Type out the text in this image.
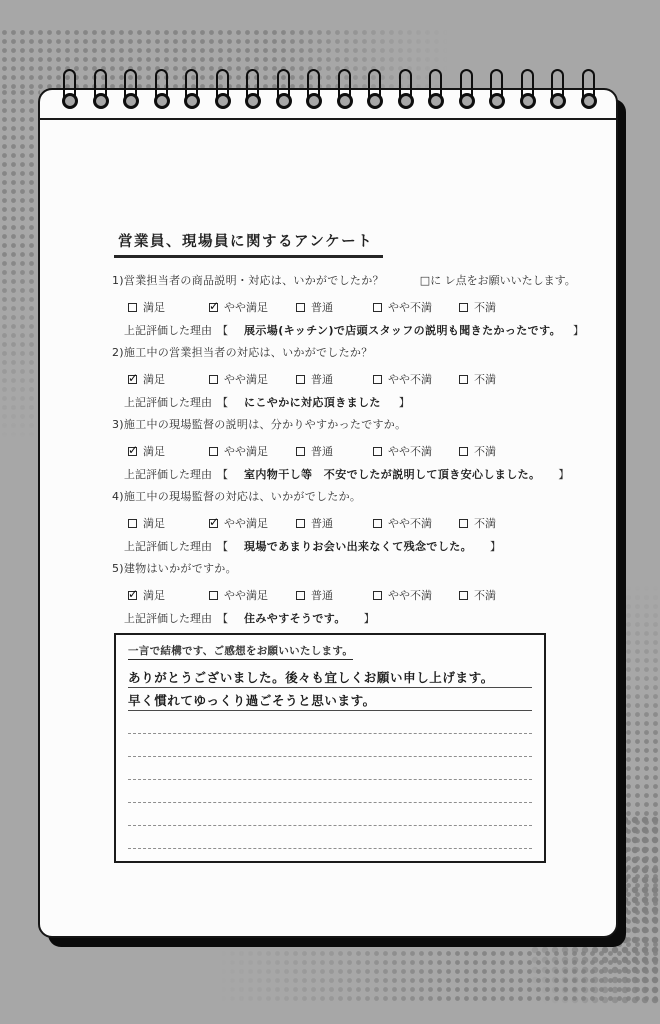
営業員、現場員に関するアンケート
1)営業担当者の商品説明・対応は、いかがでしたか？	□に レ点をお願いいたします。
満足	✓ やや満足	普通	やや不満	不満
上記評価した理由 【 展示場(キッチン)で店頭スタッフの説明も聞きたかったです。 】
2)施工中の営業担当者の対応は、いかがでしたか？
✓ 満足	やや満足	普通	やや不満	不満
上記評価した理由 【 にこやかに対応頂きました 】
3)施工中の現場監督の説明は、分かりやすかったですか。
✓ 満足	やや満足	普通	やや不満	不満
上記評価した理由 【 室内物干し等　不安でしたが説明して頂き安心しました。 】
4)施工中の現場監督の対応は、いかがでしたか。
満足	✓ やや満足	普通	やや不満	不満
上記評価した理由 【 現場であまりお会い出来なくて残念でした。 】
5)建物はいかがですか。
✓ 満足	やや満足	普通	やや不満	不満
上記評価した理由 【 住みやすそうです。 】
一言で結構です、ご感想をお願いいたします。
ありがとうございました。後々も宜しくお願い申し上げます。
早く慣れてゆっくり過ごそうと思います。
